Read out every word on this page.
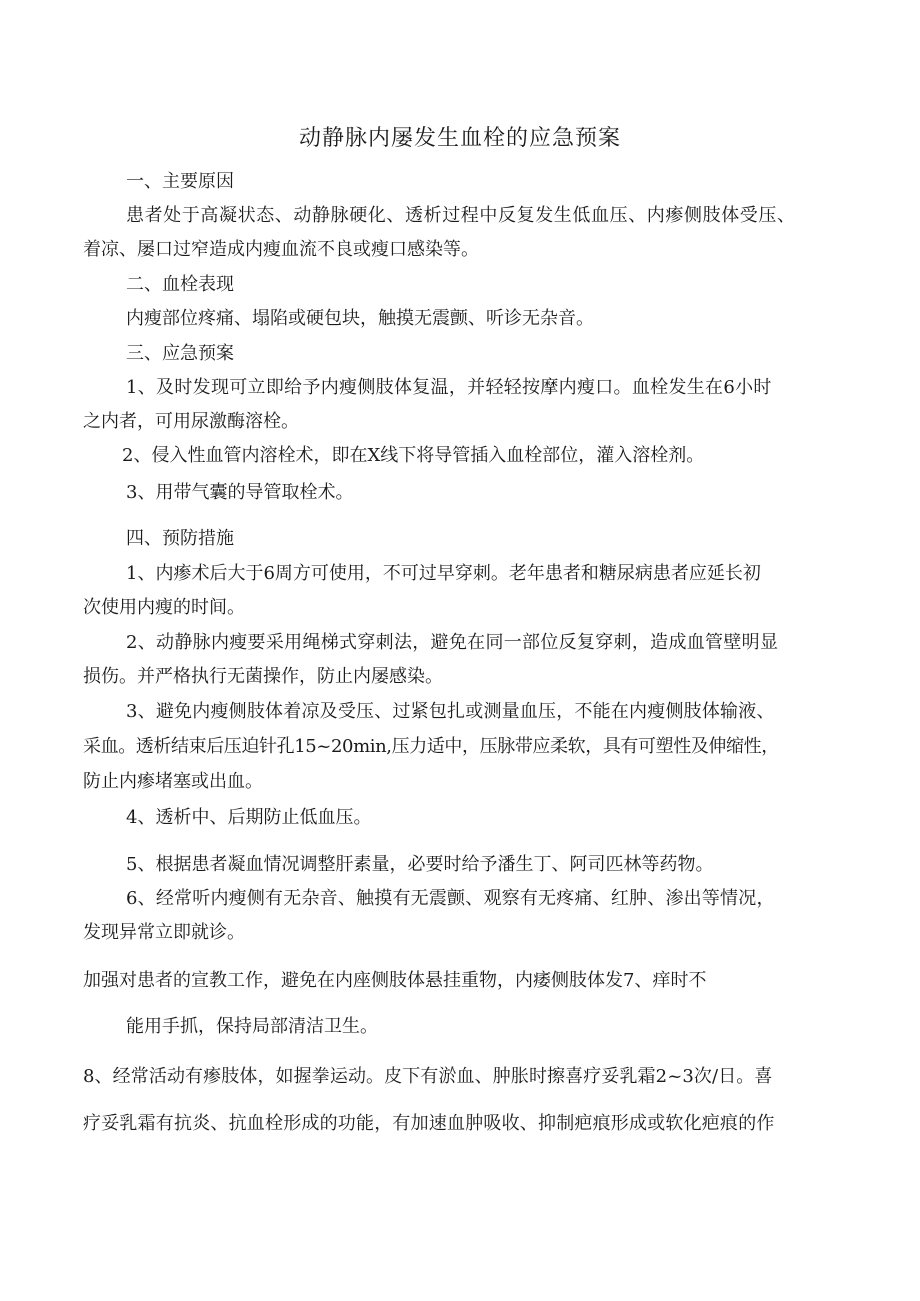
动静脉内屡发生血栓的应急预案
一、主要原因
患者处于高凝状态、动静脉硬化、透析过程中反复发生低血压、内瘆侧肢体受压、
着凉、屡口过窄造成内瘦血流不良或瘦口感染等。
二、血栓表现
内瘦部位疼痛、塌陷或硬包块，触摸无震颤、听诊无杂音。
三、应急预案
1、及时发现可立即给予内瘦侧肢体复温，并轻轻按摩内瘦口。血栓发生在6小时
之内者，可用尿激酶溶栓。
2、侵入性血管内溶栓术，即在X线下将导管插入血栓部位，灌入溶栓剂。
3、用带气囊的导管取栓术。
四、预防措施
1、内瘆术后大于6周方可使用，不可过早穿刺。老年患者和糖尿病患者应延长初
次使用内瘦的时间。
2、动静脉内瘦要采用绳梯式穿刺法，避免在同一部位反复穿刺，造成血管壁明显
损伤。并严格执行无菌操作，防止内屡感染。
3、避免内瘦侧肢体着凉及受压、过紧包扎或测量血压，不能在内瘦侧肢体输液、
采血。透析结束后压迫针孔15~20min,压力适中，压脉带应柔软，具有可塑性及伸缩性，
防止内瘆堵塞或出血。
4、透析中、后期防止低血压。
5、根据患者凝血情况调整肝素量，必要时给予潘生丁、阿司匹林等药物。
6、经常听内瘦侧有无杂音、触摸有无震颤、观察有无疼痛、红肿、渗出等情况，
发现异常立即就诊。
加强对患者的宣教工作，避免在内座侧肢体悬挂重物，内痿侧肢体发7、痒时不
能用手抓，保持局部清洁卫生。
8、经常活动有瘆肢体，如握拳运动。皮下有淤血、肿胀时擦喜疗妥乳霜2~3次/日。喜
疗妥乳霜有抗炎、抗血栓形成的功能，有加速血肿吸收、抑制疤痕形成或软化疤痕的作
